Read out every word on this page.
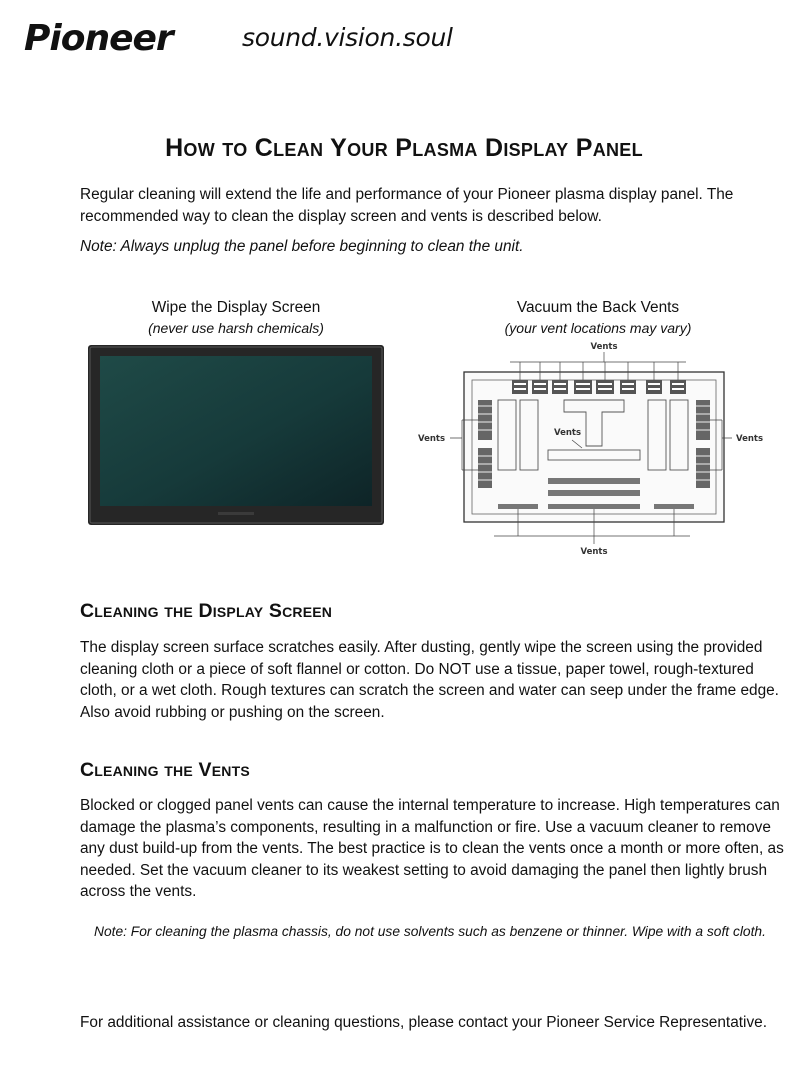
Pioneer	sound.vision.soul
How to Clean Your Plasma Display Panel

Regular cleaning will extend the life and performance of your Pioneer plasma display panel. The recommended way to clean the display screen and vents is described below.

Note: Always unplug the panel before beginning to clean the unit.

Wipe the Display Screen
(never use harsh chemicals)
Vacuum the Back Vents
(your vent locations may vary)
Vents
Vents	Vents
Vents
Vents
Cleaning the Display Screen

The display screen surface scratches easily. After dusting, gently wipe the screen using the provided cleaning cloth or a piece of soft flannel or cotton. Do NOT use a tissue, paper towel, rough-textured cloth, or a wet cloth. Rough textures can scratch the screen and water can seep under the frame edge. Also avoid rubbing or pushing on the screen.

Cleaning the Vents

Blocked or clogged panel vents can cause the internal temperature to increase. High temperatures can damage the plasma’s components, resulting in a malfunction or fire. Use a vacuum cleaner to remove any dust build-up from the vents. The best practice is to clean the vents once a month or more often, as needed. Set the vacuum cleaner to its weakest setting to avoid damaging the panel then lightly brush across the vents.

Note: For cleaning the plasma chassis, do not use solvents such as benzene or thinner. Wipe with a soft cloth.

For additional assistance or cleaning questions, please contact your Pioneer Service Representative.
